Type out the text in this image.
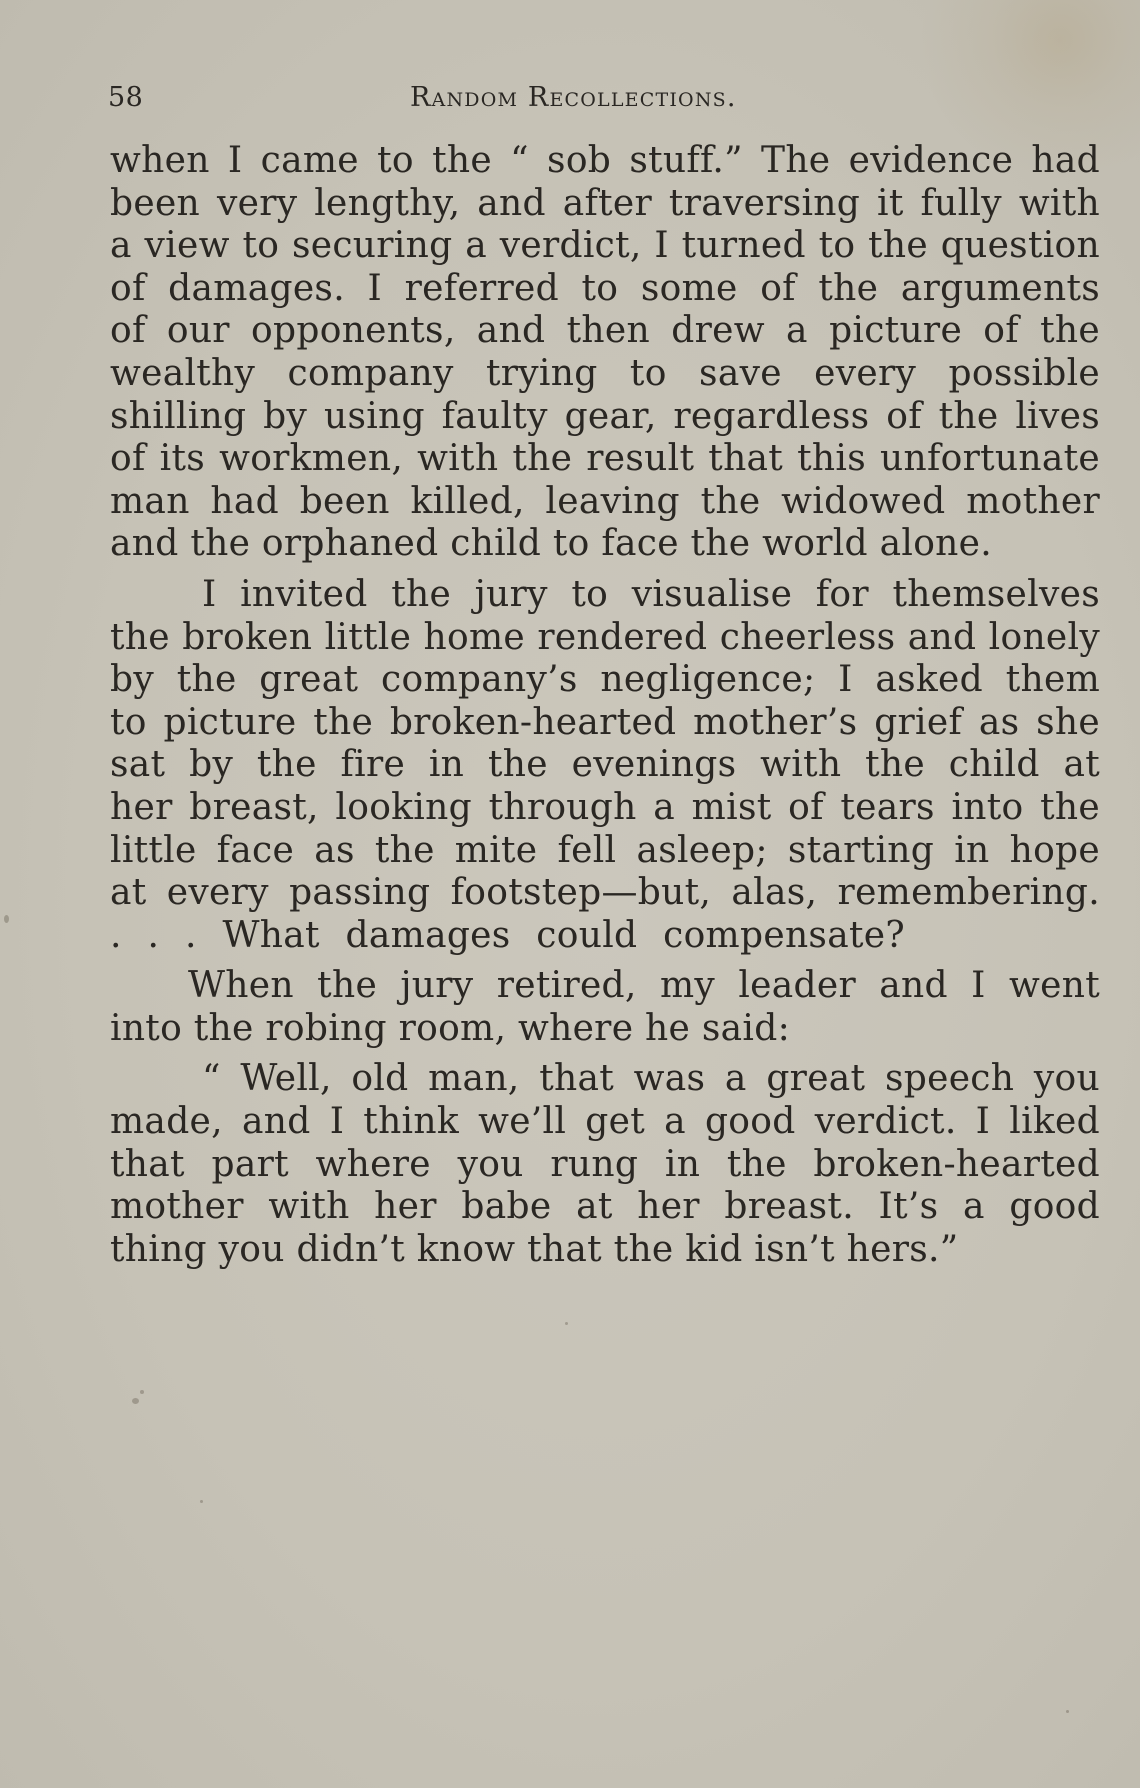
58	Random Recollections.
when I came to the “ sob stuff.” The evidence had
been very lengthy, and after traversing it fully with
a view to securing a verdict, I turned to the question
of damages. I referred to some of the arguments
of our opponents, and then drew a picture of the
wealthy company trying to save every possible
shilling by using faulty gear, regardless of the lives
of its workmen, with the result that this unfortunate
man had been killed, leaving the widowed mother
and the orphaned child to face the world alone.
I invited the jury to visualise for themselves
the broken little home rendered cheerless and lonely
by the great company’s negligence; I asked them
to picture the broken-hearted mother’s grief as she
sat by the fire in the evenings with the child at
her breast, looking through a mist of tears into the
little face as the mite fell asleep; starting in hope
at every passing footstep—but, alas, remembering.
. . . What damages could compensate?
When the jury retired, my leader and I went
into the robing room, where he said:
“ Well, old man, that was a great speech you
made, and I think we’ll get a good verdict. I liked
that part where you rung in the broken-hearted
mother with her babe at her breast. It’s a good
thing you didn’t know that the kid isn’t hers.”
